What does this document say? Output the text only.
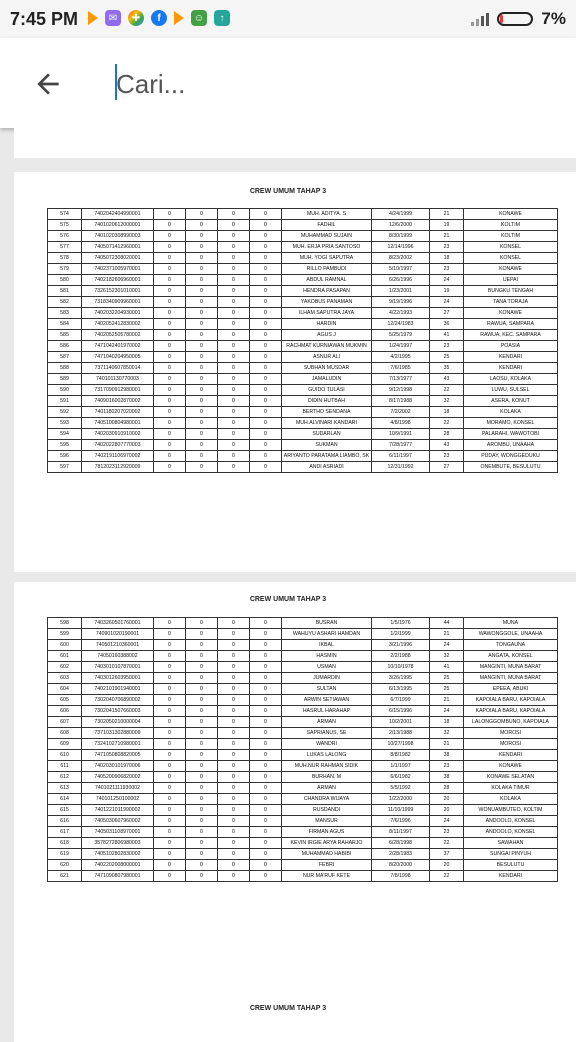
7:45 PM	✉	✚	f	☺	↑	7%
Cari...
CREW UMUM TAHAP 3
574	7402042404990001	0	0	0	0	MUH. ADITYA. S	4/24/1999	21	KONAWE
575	7401020612000001	0	0	0	0	FADHIL	12/6/2000	19	KOLTIM
576	7401020308990003	0	0	0	0	MUHAMMAD SUJAIN	8/30/1999	21	KOLTIM
577	7405071412960001	0	0	0	0	MUH. ERJA PRIA SANTOSO	12/14/1996	23	KONSEL
578	7405072308020001	0	0	0	0	MUH. YOGI SAPUTRA	8/23/2002	18	KONSEL
579	7402371005970001	0	0	0	0	RILLO PAMBUDI	5/10/1997	23	KONAWE
580	7402182606960001	0	0	0	0	ABDUL RAMNAL	6/26/1996	24	UEPAI
581	7326152301010001	0	0	0	0	HENDRA PASAPAN	1/23/2001	19	BUNGKU TENGAH
582	7318340909960001	0	0	0	0	YAKOBUS PANAMAN	9/19/1996	24	TANA TORAJA
583	7402032204930001	0	0	0	0	ILHAM SAPUTRA JAYA	4/22/1993	27	KONAWE
584	7402052412830002	0	0	0	0	HARDIN	12/24/1983	36	RAWUA, SAMPARA
585	7402052505780002	0	0	0	0	AGUS J	5/25/1979	41	RAWUA, KEC. SAMPARA
586	7471042401970002	0	0	0	0	RACHMAT KURNIAWAN MUKMIN	1/24/1997	23	POASIA
587	7471040204950005	0	0	0	0	ASNUR ALI	4/2/1995	25	KENDARI
588	7371140607850014	0	0	0	0	SUBHAN MUSDAR	7/6/1985	35	KENDARI
589	740101130770003	0	0	0	0	JAMALUDIN	7/13/1977	43	LAOSU, KOLAKA
590	7317090912980001	0	0	0	0	GUIDO TULASI	9/12/1998	22	LUWU, SULSEL
591	7409016002870002	0	0	0	0	DIDIN HUTBAH	8/17/1988	32	ASERA, KONUT
592	7401180207020002	0	0	0	0	BERTHO SENDANA	7/2/2002	18	KOLAKA
593	7405100804980001	0	0	0	0	MUH.ALVINARI KANDARI	4/8/1998	22	MORAMO, KONSEL
594	7402030910910002	0	0	0	0	SUDARLAN	10/9/1991	28	PALARAHI, WAWOTOBI
595	7402022807770003	0	0	0	0	SUKMAN	7/28/1977	43	AROMBU, UNAAHA
596	7402191106970002	0	0	0	0	ARIYANTO PARATAMA LIAMBO, SK	6/11/1997	23	PUDAY, WONGGEDUKU
597	7812023112920009	0	0	0	0	ANDI ASRIADI	12/31/1992	27	ONEMBUTE, BESULUTU
CREW UMUM TAHAP 3
598	7403260501760001	0	0	0	0	BUSRAN	1/5/1976	44	MUNA
599	740901020190001	0	0	0	0	WAHUYU ASHARI HAMDAN	1/2/1999	21	WAWONGGOLE, UNAAHA
600	740501210360001	0	0	0	0	IKBAL	3/21/1996	24	TONGAUNA
601	74050160388002	0	0	0	0	HASMIN	2/2/1988	32	ANGATA, KONSEL
602	7403010107870001	0	0	0	0	USMAN	10/10/1978	41	MANGINTI, MUNA BARAT
603	7403012603950001	0	0	0	0	JUMARDIN	3/26/1995	25	MANGINTI, MUNA BARAT
604	7402101901940001	0	0	0	0	SULTAN	6/13/1995	25	EPEEA, ABUKI
605	7302040706890002	0	0	0	0	ARWIN SETIAWAN	6/7/1999	21	KAPOIALA BARU, KAPOIALA
606	7302041507660003	0	0	0	0	HASRUL HARAHAP	6/15/1996	24	KAPOIALA BARU, KAPOIALA
607	7302050210000004	0	0	0	0	ARMAN	10/2/2001	18	LALONGGOMBUNO, KAPOIALA
608	7371031302880009	0	0	0	0	SAPRIANUS, SE	2/13/1988	32	MOROSI
609	7324102710980001	0	0	0	0	WANDRI	10/27/1998	21	MOROSI
610	7471050808820005	0	0	0	0	LUKAS LALONG	8/8/1982	38	KENDARI
611	7402030101970006	0	0	0	0	MUH.NUR RAHMAN SIDIK	1/1/1997	23	KONAWE
612	7405200906820002	0	0	0	0	BURHAN. M	6/6/1982	38	KONAWE SELATAN
613	7401021111930002	0	0	0	0	ARMAN	5/5/1992	28	KOLAKA TIMUR
614	740101250100002	0	0	0	0	CHANDRA WIJAYA	1/22/2000	20	KOLAKA
615	7401221011990002	0	0	0	0	RUSDANDI	11/10/1999	20	WONUAMBUTEO, KOLTIM
616	7405030607960002	0	0	0	0	MANSUR	7/6/1996	24	ANDOOLO, KONSEL
617	7405031108970001	0	0	0	0	FIRMAN AGUS	8/11/1997	23	ANDOOLO, KONSEL
618	3578272806980003	0	0	0	0	KEVIN IRGIE ARYA RAHARJO	6/28/1998	22	SAWAHAN
619	7405102802830002	0	0	0	0	MUHAMMAD HABIBI	2/28/1983	37	SUNGAI PINYUH
620	7402202008000001	0	0	0	0	FEBRI	8/20/2000	20	BESULUTU
621	7471090807980001	0	0	0	0	NUR MA'RUF KETE	7/8/1998	22	KENDARI
CREW UMUM TAHAP 3
